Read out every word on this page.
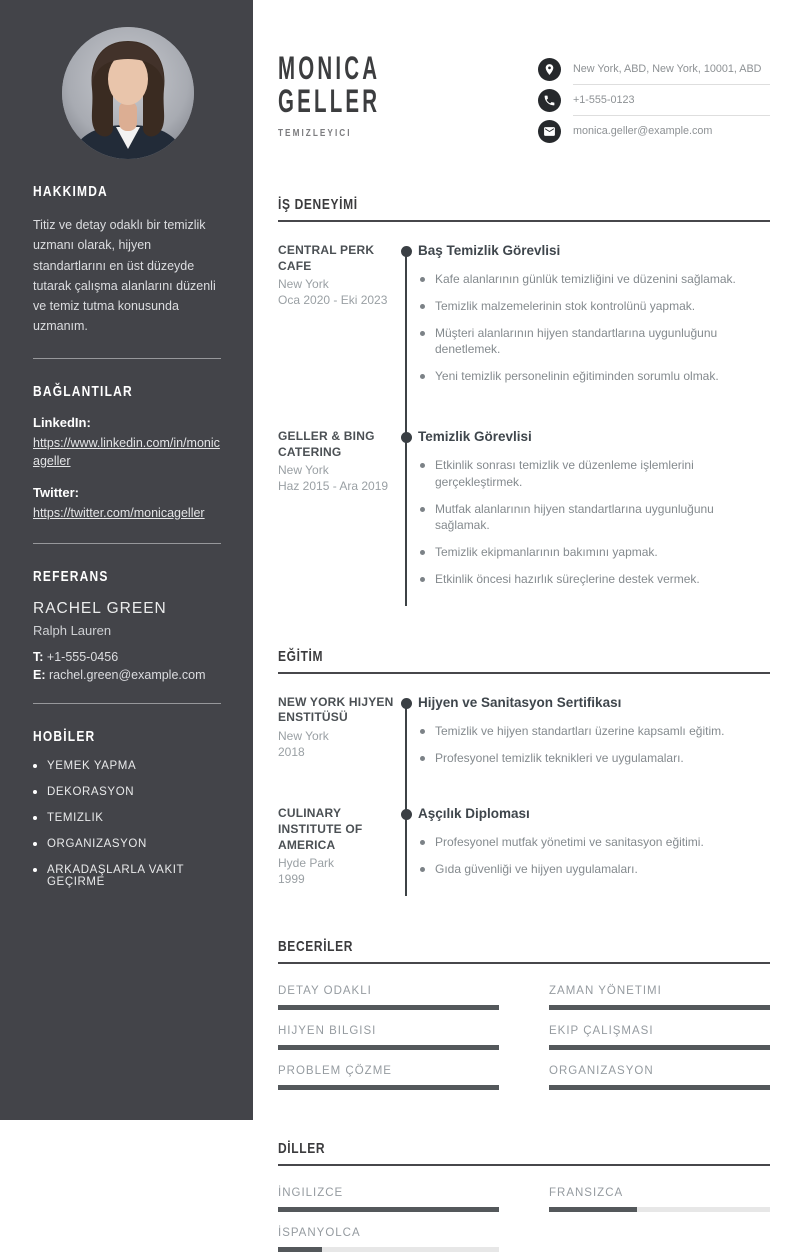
HAKKIMDA

Titiz ve detay odaklı bir temizlik uzmanı olarak, hijyen standartlarını en üst düzeyde tutarak çalışma alanlarını düzenli ve temiz tutma konusunda uzmanım.

BAĞLANTILAR
LinkedIn:
https://www.linkedin.com/in/monicageller
Twitter:
https://twitter.com/monicageller
REFERANS
RACHEL GREEN
Ralph Lauren
T: +1-555-0456
E: rachel.green@example.com
HOBİLER
YEMEK YAPMA
DEKORASYON
TEMIZLIK
ORGANIZASYON
ARKADAŞLARLA VAKIT GEÇIRME
MONICA
GELLER
TEMIZLEYICI
New York, ABD, New York, 10001, ABD
+1-555-0123
monica.geller@example.com
İŞ DENEYİMİ
CENTRAL PERK CAFE
New York
Oca 2020 - Eki 2023
Baş Temizlik Görevlisi
Kafe alanlarının günlük temizliğini ve düzenini sağlamak.
Temizlik malzemelerinin stok kontrolünü yapmak.
Müşteri alanlarının hijyen standartlarına uygunluğunu denetlemek.
Yeni temizlik personelinin eğitiminden sorumlu olmak.
GELLER & BING CATERING
New York
Haz 2015 - Ara 2019
Temizlik Görevlisi
Etkinlik sonrası temizlik ve düzenleme işlemlerini gerçekleştirmek.
Mutfak alanlarının hijyen standartlarına uygunluğunu sağlamak.
Temizlik ekipmanlarının bakımını yapmak.
Etkinlik öncesi hazırlık süreçlerine destek vermek.
EĞİTİM
NEW YORK HIJYEN ENSTITÜSÜ
New York
2018
Hijyen ve Sanitasyon Sertifikası
Temizlik ve hijyen standartları üzerine kapsamlı eğitim.
Profesyonel temizlik teknikleri ve uygulamaları.
CULINARY INSTITUTE OF AMERICA
Hyde Park
1999
Aşçılık Diploması
Profesyonel mutfak yönetimi ve sanitasyon eğitimi.
Gıda güvenliği ve hijyen uygulamaları.
BECERİLER
DETAY ODAKLI	ZAMAN YÖNETIMI
HIJYEN BILGISI	EKIP ÇALIŞMASI
PROBLEM ÇÖZME	ORGANIZASYON
DİLLER
İNGILIZCE	FRANSIZCA
İSPANYOLCA
